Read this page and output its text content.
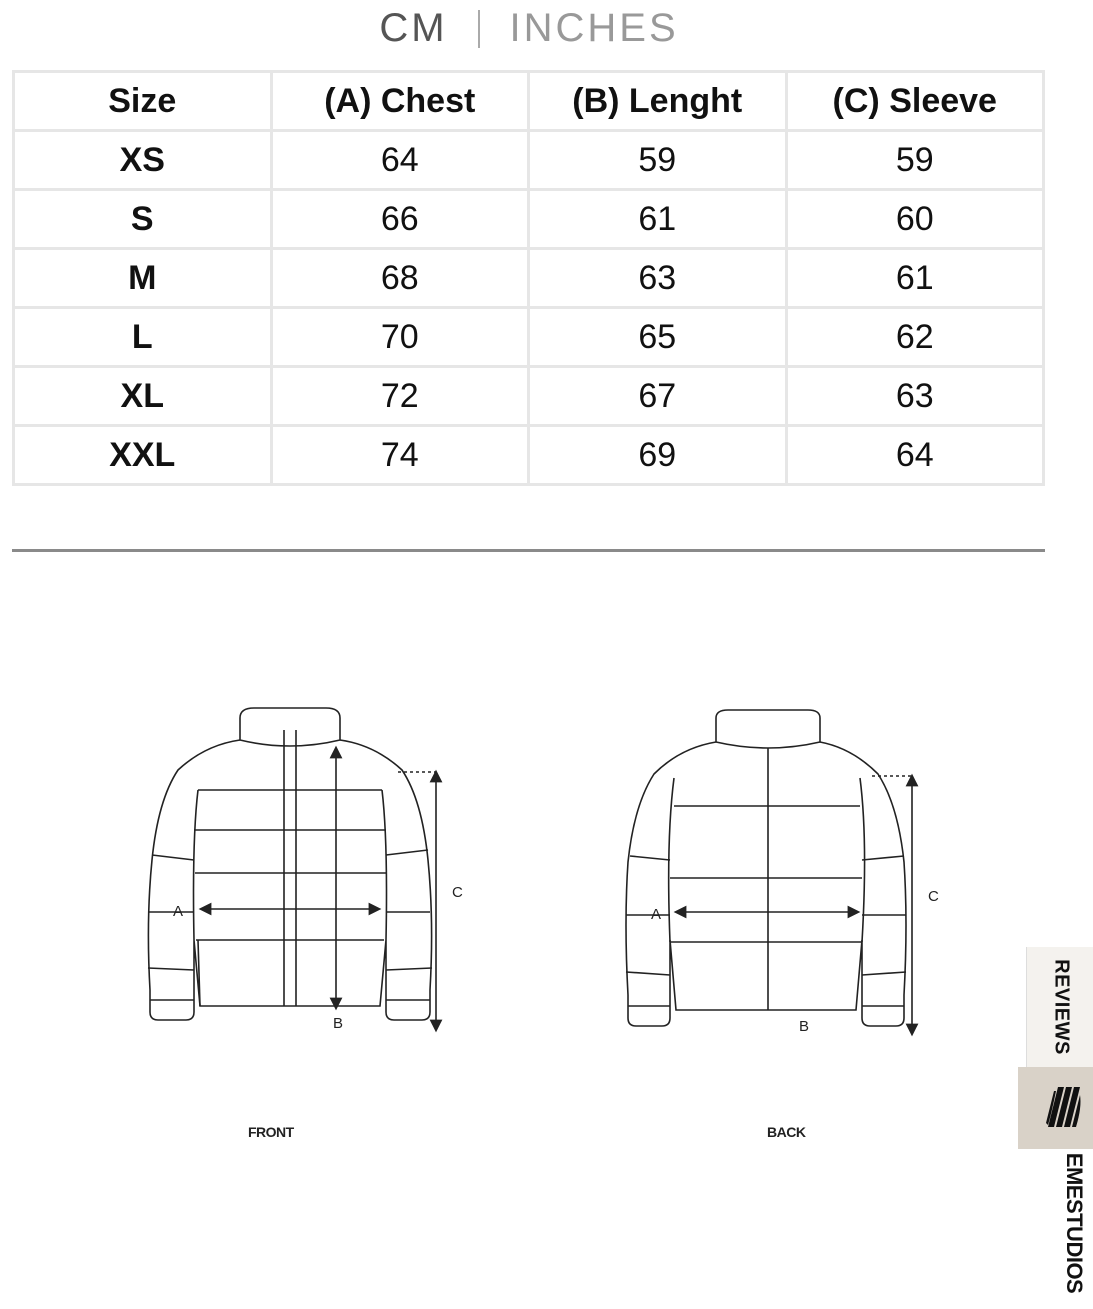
CM	INCHES
Size	(A) Chest	(B) Lenght	(C) Sleeve
XS	64	59	59
S	66	61	60
M	68	63	61
L	70	65	62
XL	72	67	63
XXL	74	69	64
A
B
C
FRONT
A
B
C
BACK
REVIEWS
EMESTUDIOS
